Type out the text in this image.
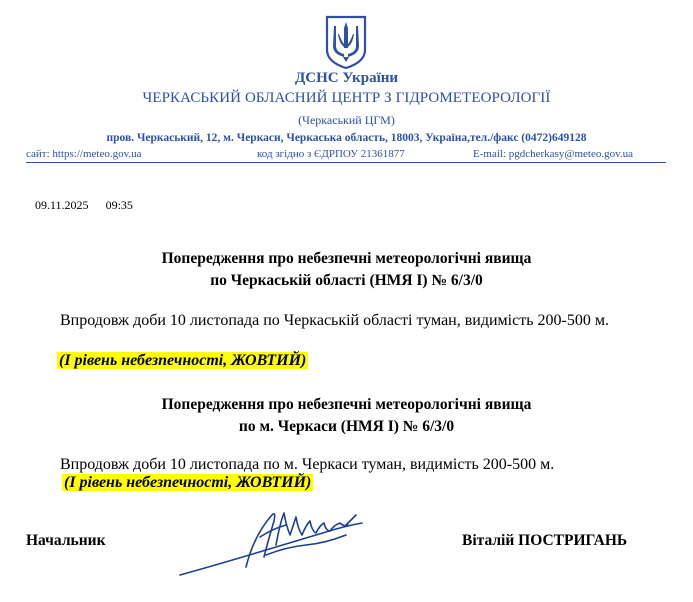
ДСНС України
ЧЕРКАСЬКИЙ ОБЛАСНИЙ ЦЕНТР З ГІДРОМЕТЕОРОЛОГІЇ
(Черкаський ЦГМ)
пров. Черкаський, 12, м. Черкаси, Черкаська область, 18003, Україна,тел./факс (0472)649128
сайт: https://meteo.gov.ua	код згідно з ЄДРПОУ 21361877	E-mail: pgdcherkasy@meteo.gov.ua
09.11.2025 09:35
Попередження про небезпечні метеорологічні явища
по Черкаській області (НМЯ І) № 6/3/0
Впродовж доби 10 листопада по Черкаській області туман, видимість 200-500 м.
(І рівень небезпечності, ЖОВТИЙ)
Попередження про небезпечні метеорологічні явища
по м. Черкаси (НМЯ І) № 6/3/0
Впродовж доби 10 листопада по м. Черкаси туман, видимість 200-500 м.
(І рівень небезпечності, ЖОВТИЙ)
Начальник	Віталій ПОСТРИГАНЬ
